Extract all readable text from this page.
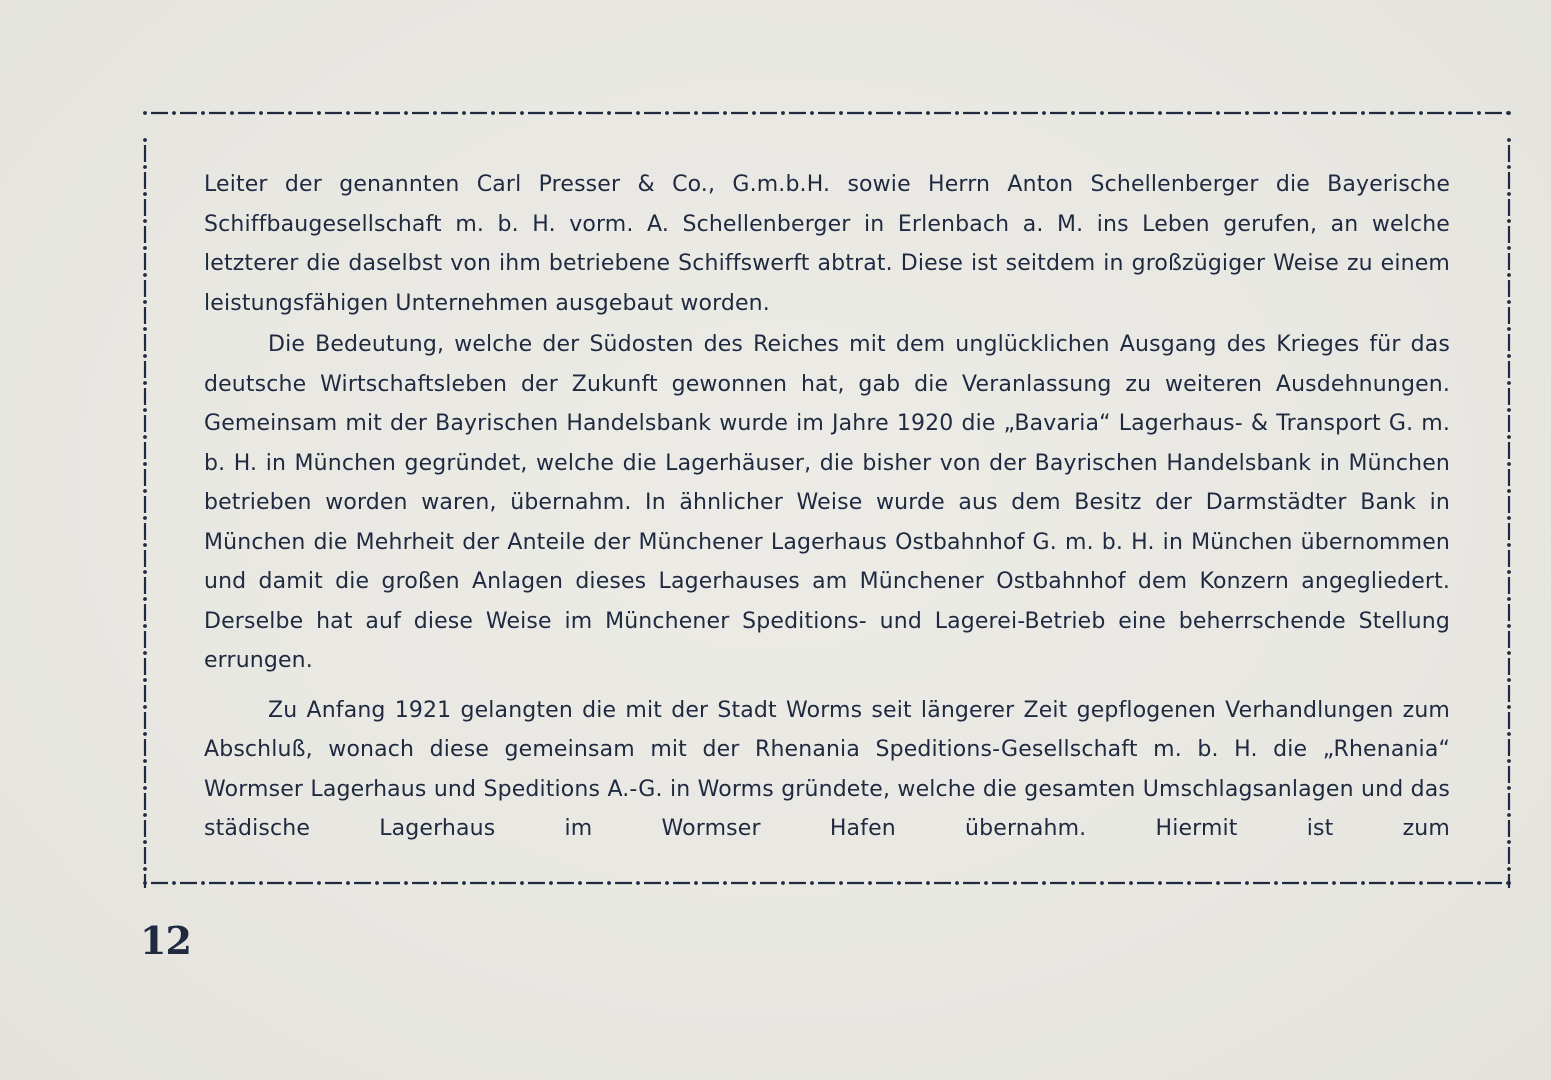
Leiter der genannten Carl Presser & Co., G.m.b.H. sowie Herrn Anton Schellenberger die Bayerische Schiffbaugesellschaft m. b. H. vorm. A. Schellenberger in Erlenbach a. M. ins Leben gerufen, an welche letzterer die daselbst von ihm betriebene Schiffswerft abtrat. Diese ist seitdem in großzügiger Weise zu einem leistungsfähigen Unternehmen ausgebaut worden.

Die Bedeutung, welche der Südosten des Reiches mit dem unglücklichen Ausgang des Krieges für das deutsche Wirtschaftsleben der Zukunft gewonnen hat, gab die Veranlassung zu weiteren Ausdehnungen. Gemeinsam mit der Bayrischen Handelsbank wurde im Jahre 1920 die „Bavaria“ Lagerhaus- & Transport G. m. b. H. in München gegründet, welche die Lagerhäuser, die bisher von der Bayrischen Handelsbank in München betrieben worden waren, übernahm. In ähnlicher Weise wurde aus dem Besitz der Darmstädter Bank in München die Mehrheit der Anteile der Münchener Lagerhaus Ostbahnhof G. m. b. H. in München übernommen und damit die großen Anlagen dieses Lagerhauses am Münchener Ostbahnhof dem Konzern angegliedert. Derselbe hat auf diese Weise im Münchener Speditions- und Lagerei-Betrieb eine beherrschende Stellung errungen.

Zu Anfang 1921 gelangten die mit der Stadt Worms seit längerer Zeit gepflogenen Verhandlungen zum Abschluß, wonach diese gemeinsam mit der Rhenania Speditions-Gesellschaft m. b. H. die „Rhenania“ Wormser Lagerhaus und Speditions A.-G. in Worms gründete, welche die gesamten Umschlagsanlagen und das städische Lagerhaus im Wormser Hafen übernahm. Hiermit ist zum

12
